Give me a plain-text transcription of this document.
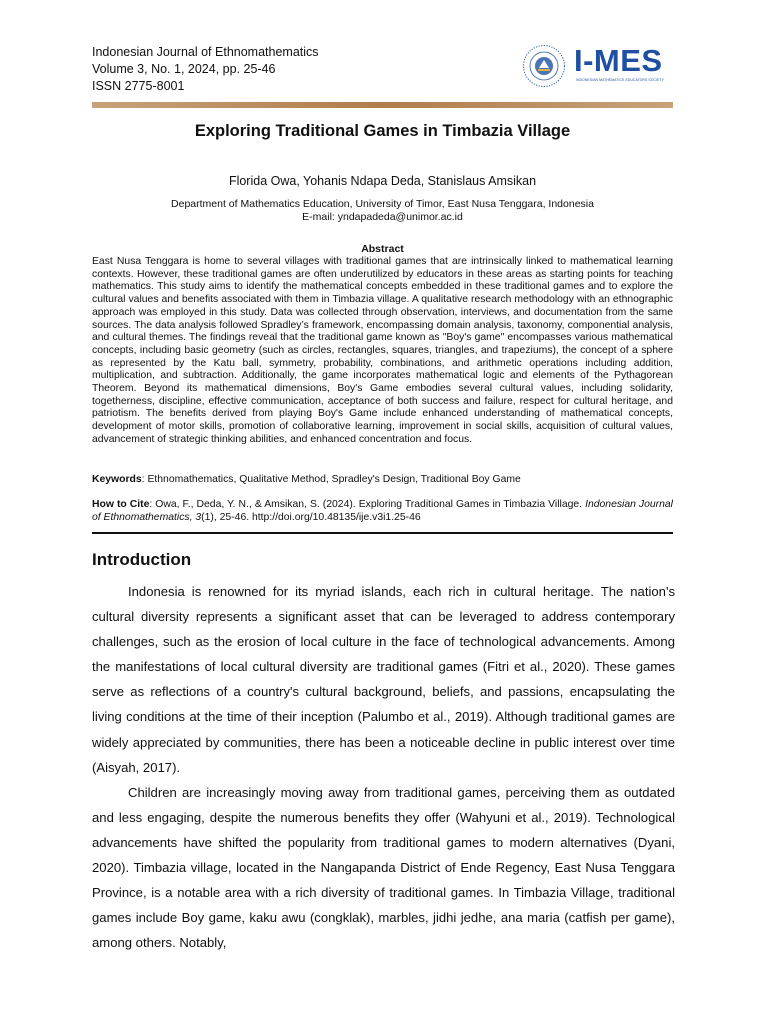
Indonesian Journal of Ethnomathematics
Volume 3, No. 1, 2024, pp. 25-46
ISSN 2775-8001
I-MES
INDONESIAN MATHEMATICS EDUCATORS SOCIETY
Exploring Traditional Games in Timbazia Village
Florida Owa, Yohanis Ndapa Deda, Stanislaus Amsikan
Department of Mathematics Education, University of Timor, East Nusa Tenggara, Indonesia
E-mail: yndapadeda@unimor.ac.id
Abstract
East Nusa Tenggara is home to several villages with traditional games that are intrinsically linked to mathematical learning contexts. However, these traditional games are often underutilized by educators in these areas as starting points for teaching mathematics. This study aims to identify the mathematical concepts embedded in these traditional games and to explore the cultural values and benefits associated with them in Timbazia village. A qualitative research methodology with an ethnographic approach was employed in this study. Data was collected through observation, interviews, and documentation from the same sources. The data analysis followed Spradley’s framework, encompassing domain analysis, taxonomy, componential analysis, and cultural themes. The findings reveal that the traditional game known as "Boy's game" encompasses various mathematical concepts, including basic geometry (such as circles, rectangles, squares, triangles, and trapeziums), the concept of a sphere as represented by the Katu ball, symmetry, probability, combinations, and arithmetic operations including addition, multiplication, and subtraction. Additionally, the game incorporates mathematical logic and elements of the Pythagorean Theorem. Beyond its mathematical dimensions, Boy's Game embodies several cultural values, including solidarity, togetherness, discipline, effective communication, acceptance of both success and failure, respect for cultural heritage, and patriotism. The benefits derived from playing Boy's Game include enhanced understanding of mathematical concepts, development of motor skills, promotion of collaborative learning, improvement in social skills, acquisition of cultural values, advancement of strategic thinking abilities, and enhanced concentration and focus.
Keywords: Ethnomathematics, Qualitative Method, Spradley's Design, Traditional Boy Game
How to Cite: Owa, F., Deda, Y. N., & Amsikan, S. (2024). Exploring Traditional Games in Timbazia Village. Indonesian Journal of Ethnomathematics, 3(1), 25-46. http://doi.org/10.48135/ije.v3i1.25-46
Introduction

Indonesia is renowned for its myriad islands, each rich in cultural heritage. The nation's cultural diversity represents a significant asset that can be leveraged to address contemporary challenges, such as the erosion of local culture in the face of technological advancements. Among the manifestations of local cultural diversity are traditional games (Fitri et al., 2020). These games serve as reflections of a country's cultural background, beliefs, and passions, encapsulating the living conditions at the time of their inception (Palumbo et al., 2019). Although traditional games are widely appreciated by communities, there has been a noticeable decline in public interest over time (Aisyah, 2017).

Children are increasingly moving away from traditional games, perceiving them as outdated and less engaging, despite the numerous benefits they offer (Wahyuni et al., 2019). Technological advancements have shifted the popularity from traditional games to modern alternatives (Dyani, 2020). Timbazia village, located in the Nangapanda District of Ende Regency, East Nusa Tenggara Province, is a notable area with a rich diversity of traditional games. In Timbazia Village, traditional games include Boy game, kaku awu (congklak), marbles, jidhi jedhe, ana maria (catfish per game), among others. Notably,
